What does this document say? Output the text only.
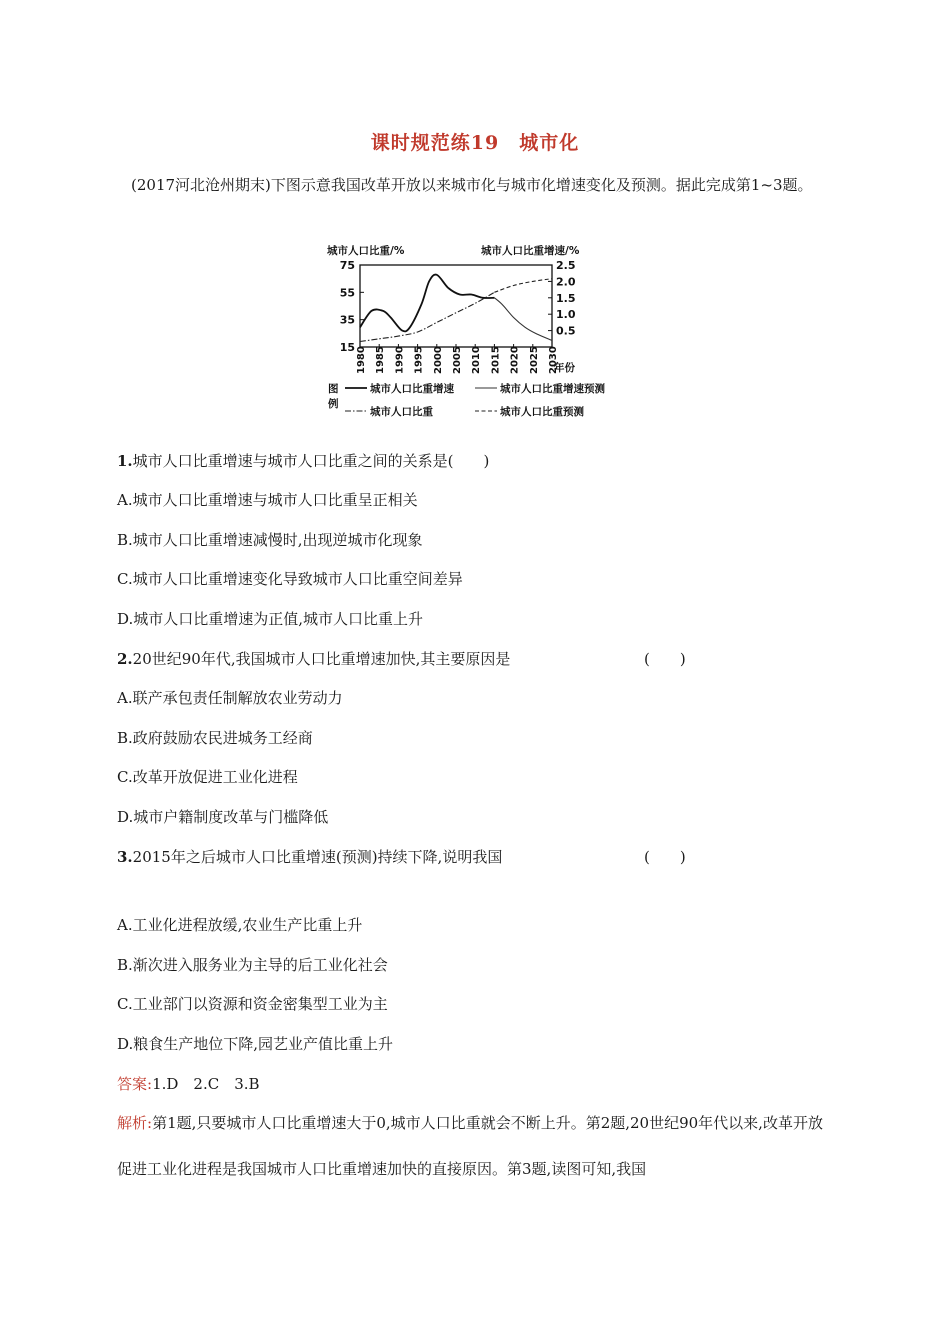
课时规范练19　城市化
(2017河北沧州期末)下图示意我国改革开放以来城市化与城市化增速变化及预测。据此完成第1~3题。
城市人口比重/%	城市人口比重增速/%
75
55
35
15
2.5
2.0
1.5
1.0
0.5
1980 1985 1990 1995 2000 2005 2010 2015 2020 2025 2030
年份
图
例
城市人口比重增速	城市人口比重增速预测
城市人口比重	城市人口比重预测
1.城市人口比重增速与城市人口比重之间的关系是(　　)
A.城市人口比重增速与城市人口比重呈正相关
B.城市人口比重增速减慢时,出现逆城市化现象
C.城市人口比重增速变化导致城市人口比重空间差异
D.城市人口比重增速为正值,城市人口比重上升
2.20世纪90年代,我国城市人口比重增速加快,其主要原因是	(　　)
A.联产承包责任制解放农业劳动力
B.政府鼓励农民进城务工经商
C.改革开放促进工业化进程
D.城市户籍制度改革与门槛降低
3.2015年之后城市人口比重增速(预测)持续下降,说明我国	(　　)
A.工业化进程放缓,农业生产比重上升
B.渐次进入服务业为主导的后工业化社会
C.工业部门以资源和资金密集型工业为主
D.粮食生产地位下降,园艺业产值比重上升
答案:1.D　2.C　3.B
解析:第1题,只要城市人口比重增速大于0,城市人口比重就会不断上升。第2题,20世纪90年代以来,改革开放促进工业化进程是我国城市人口比重增速加快的直接原因。第3题,读图可知,我国
